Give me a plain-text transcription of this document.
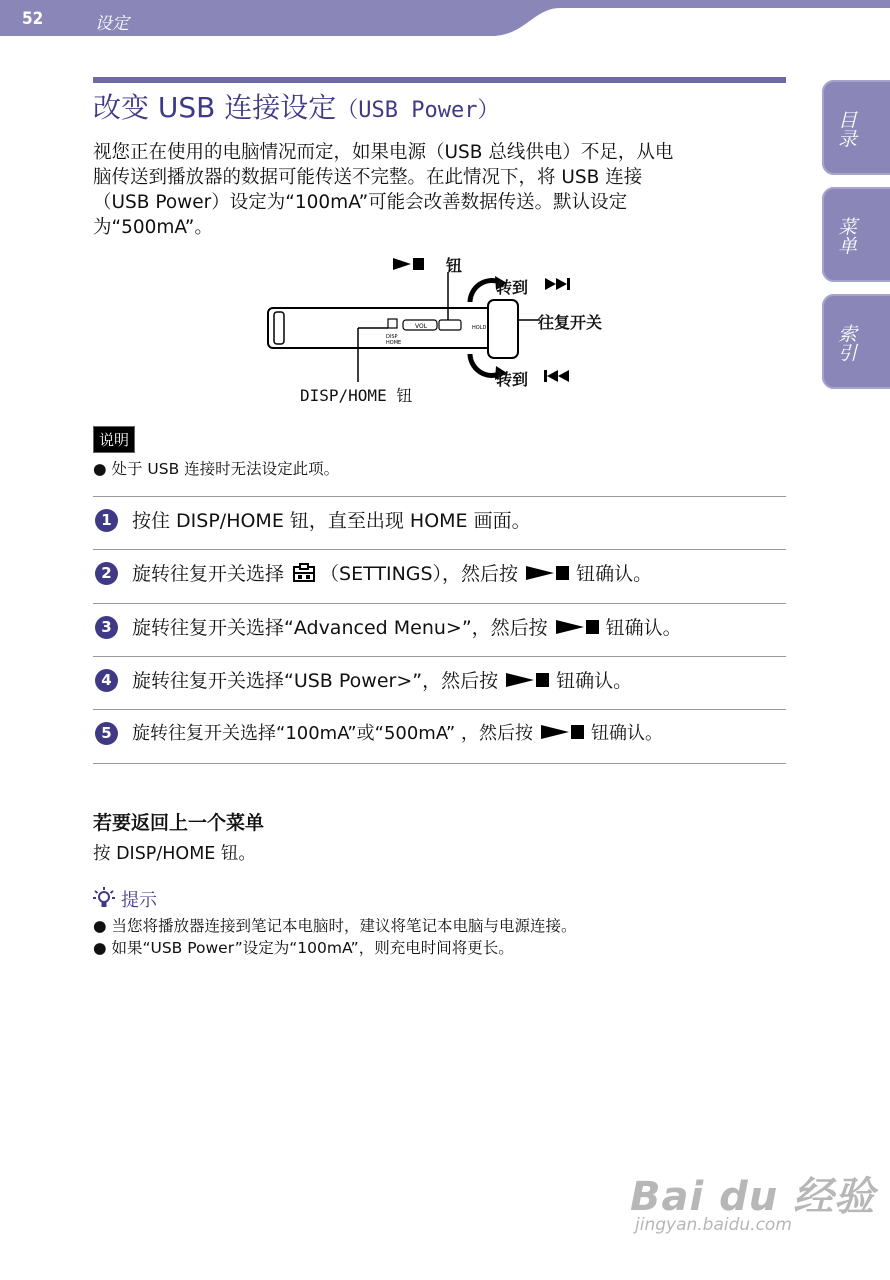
52	设定
目录
菜单
索引
改变 USB 连接设定（USB Power）
视您正在使用的电脑情况而定，如果电源（USB 总线供电）不足，从电
脑传送到播放器的数据可能传送不完整。在此情况下，将 USB 连接
（USB Power）设定为“100mA”可能会改善数据传送。默认设定
为“500mA”。
DISP
HOME
VOL	HOLD
钮
转到
往复开关
转到
DISP/HOME 钮
说明
● 处于 USB 连接时无法设定此项。
1	按住 DISP/HOME 钮，直至出现 HOME 画面。
2	旋转往复开关选择 （SETTINGS），然后按	钮确认。
3	旋转往复开关选择“Advanced Menu>”，然后按	钮确认。
4	旋转往复开关选择“USB Power>”，然后按	钮确认。
5	旋转往复开关选择“100mA”或“500mA” ，然后按	钮确认。
若要返回上一个菜单
按 DISP/HOME 钮。
提示
● 当您将播放器连接到笔记本电脑时，建议将笔记本电脑与电源连接。
● 如果“USB Power”设定为“100mA”，则充电时间将更长。
Bai du 经验
jingyan.baidu.com
